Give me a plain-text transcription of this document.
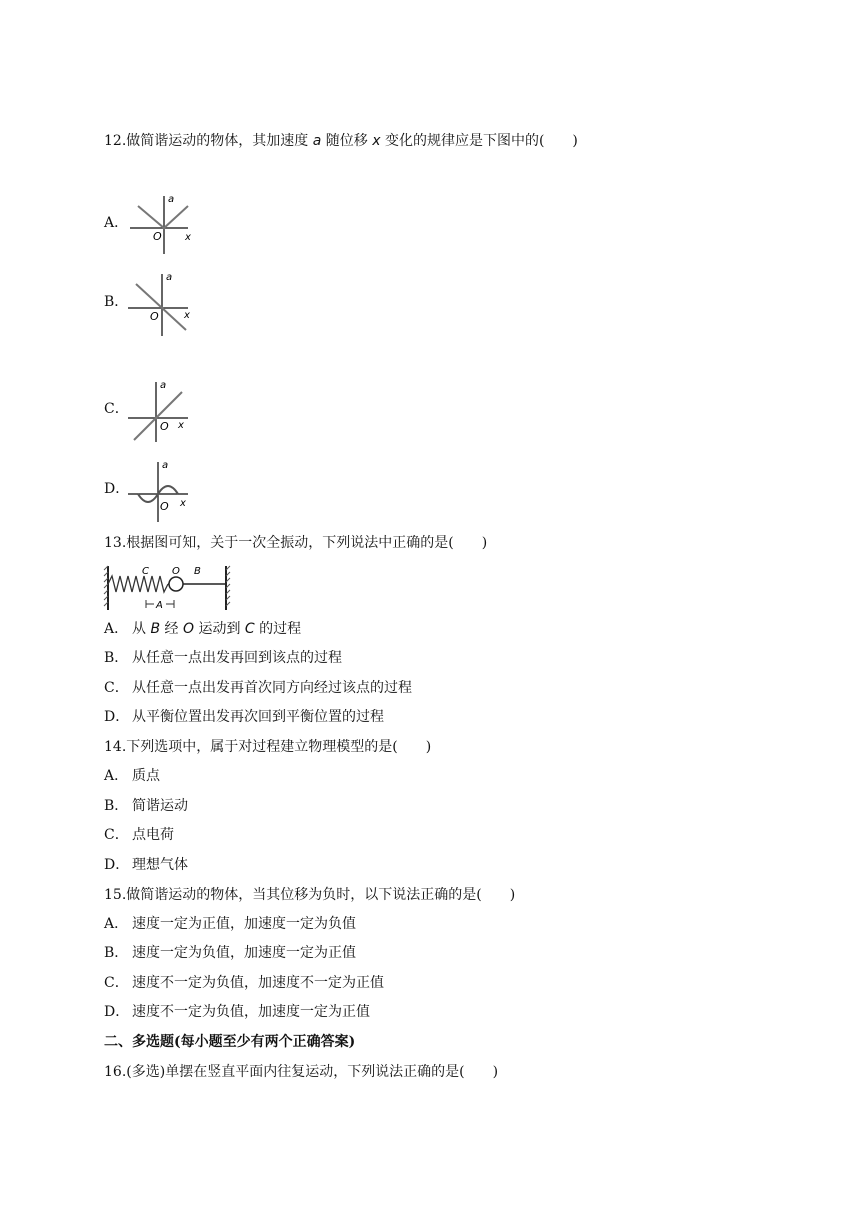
12.做简谐运动的物体，其加速度 a 随位移 x 变化的规律应是下图中的(　　)
A．
a
x
O
B．
a
x
O
C．
a
x
O
D．
a
x
O
13.根据图可知，关于一次全振动，下列说法中正确的是(　　)
C O B
A
A． 从 B 经 O 运动到 C 的过程
B． 从任意一点出发再回到该点的过程
C． 从任意一点出发再首次同方向经过该点的过程
D． 从平衡位置出发再次回到平衡位置的过程
14.下列选项中，属于对过程建立物理模型的是(　　)
A． 质点
B． 简谐运动
C． 点电荷
D． 理想气体
15.做简谐运动的物体，当其位移为负时，以下说法正确的是(　　)
A． 速度一定为正值，加速度一定为负值
B． 速度一定为负值，加速度一定为正值
C． 速度不一定为负值，加速度不一定为正值
D． 速度不一定为负值，加速度一定为正值
二、多选题(每小题至少有两个正确答案)
16.(多选)单摆在竖直平面内往复运动，下列说法正确的是(　　)
